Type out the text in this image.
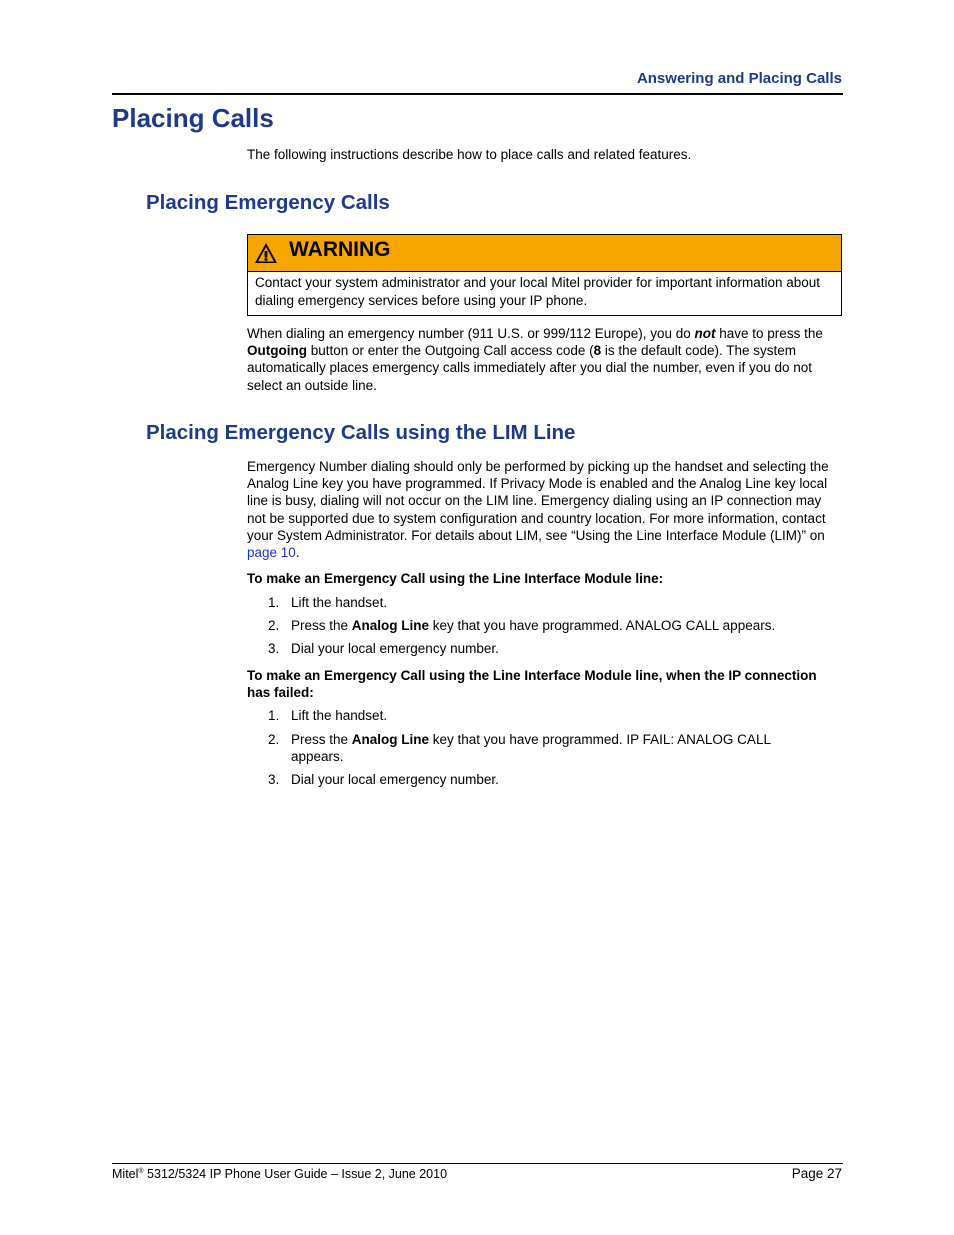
Answering and Placing Calls
Placing Calls

The following instructions describe how to place calls and related features.

Placing Emergency Calls
WARNING
Contact your system administrator and your local Mitel provider for important information about dialing emergency services before using your IP phone.

When dialing an emergency number (911 U.S. or 999/112 Europe), you do not have to press the Outgoing button or enter the Outgoing Call access code (8 is the default code). The system automatically places emergency calls immediately after you dial the number, even if you do not select an outside line.

Placing Emergency Calls using the LIM Line

Emergency Number dialing should only be performed by picking up the handset and selecting the Analog Line key you have programmed. If Privacy Mode is enabled and the Analog Line key local line is busy, dialing will not occur on the LIM line. Emergency dialing using an IP connection may not be supported due to system configuration and country location. For more information, contact your System Administrator. For details about LIM, see “Using the Line Interface Module (LIM)” on page 10.

To make an Emergency Call using the Line Interface Module line:

1. Lift the handset.
2. Press the Analog Line key that you have programmed. ANALOG CALL appears.
3. Dial your local emergency number.

To make an Emergency Call using the Line Interface Module line, when the IP connection has failed:

1. Lift the handset.
2. Press the Analog Line key that you have programmed. IP FAIL: ANALOG CALL appears.
3. Dial your local emergency number.
Mitel® 5312/5324 IP Phone User Guide – Issue 2, June 2010	Page 27
